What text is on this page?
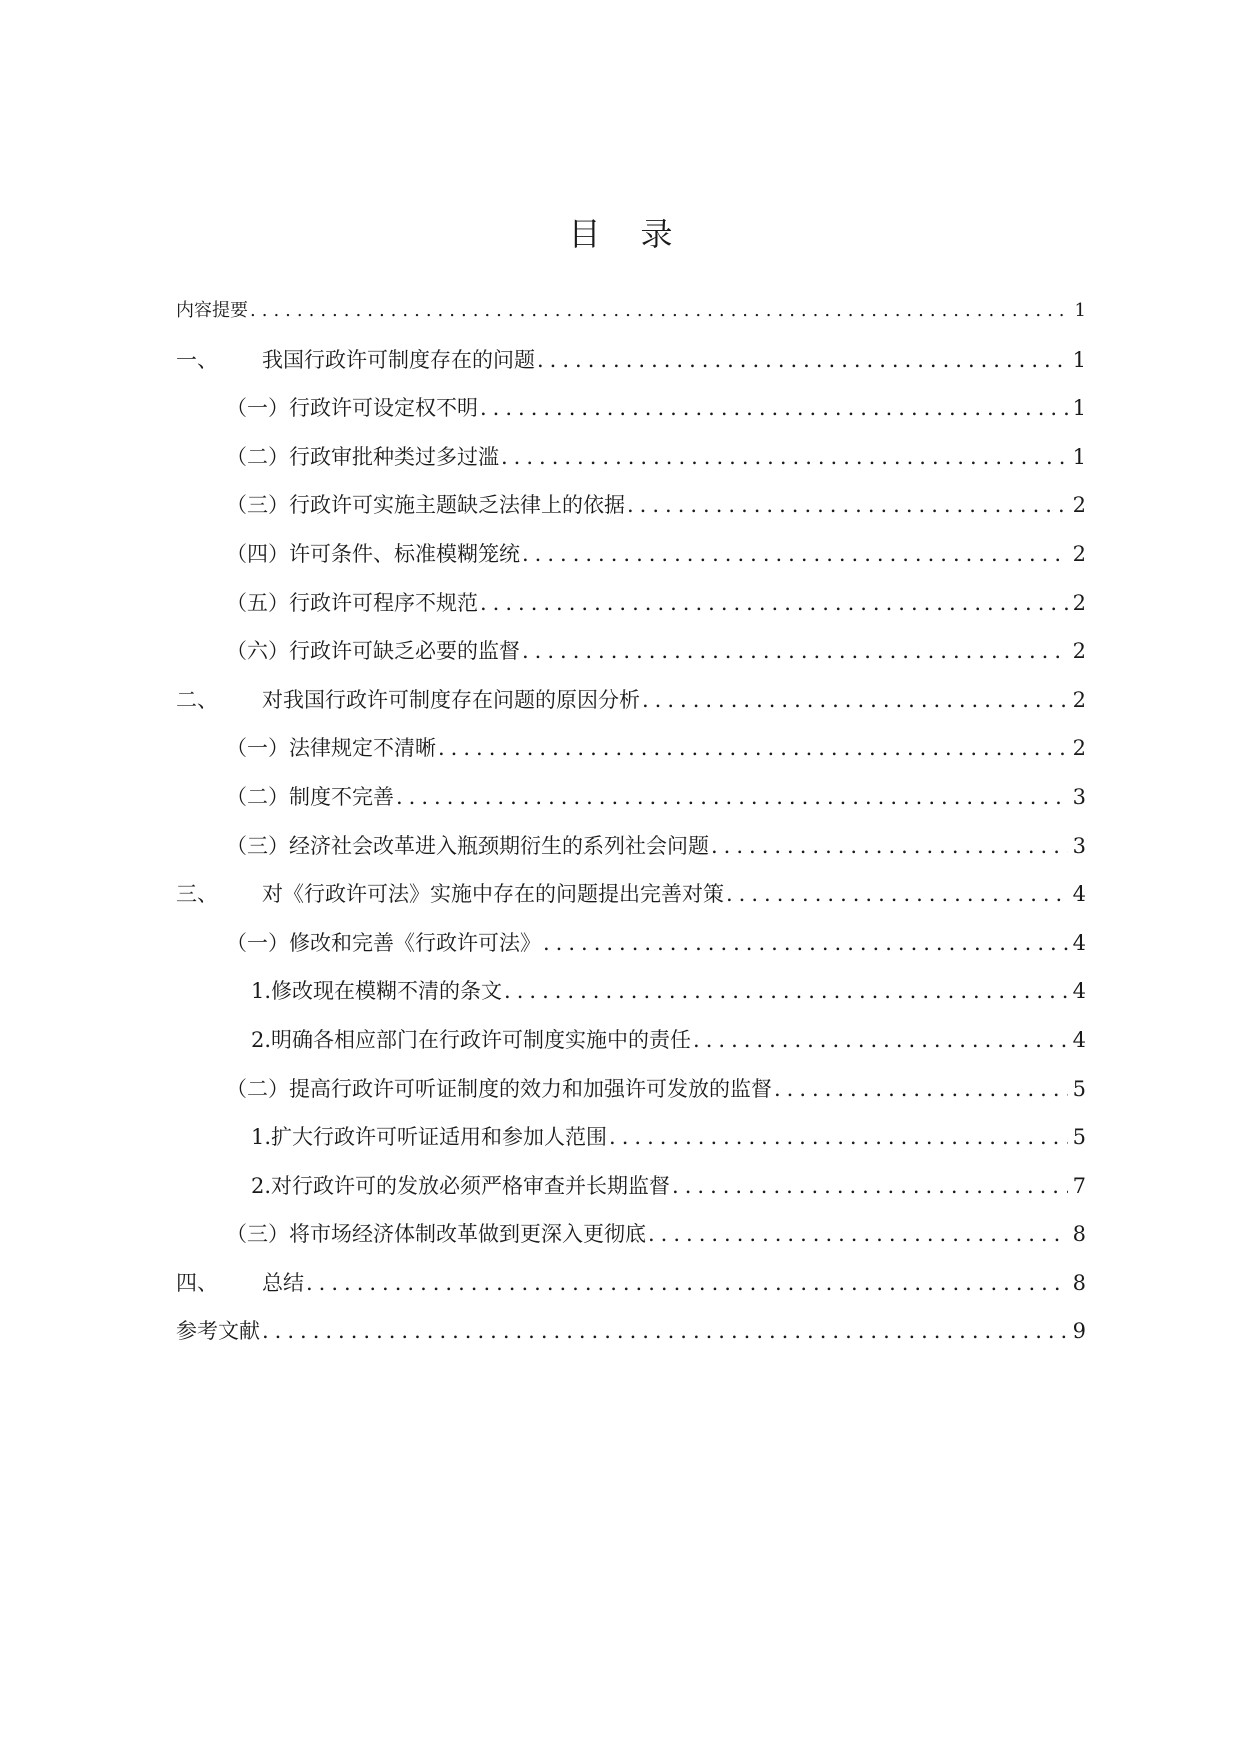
目录
内容提要 .....	1
一、	我国行政许可制度存在的问题 .....	1
（一）行政许可设定权不明 .....	1
（二）行政审批种类过多过滥 .....	1
（三）行政许可实施主题缺乏法律上的依据 .....	2
（四）许可条件、标准模糊笼统 .....	2
（五）行政许可程序不规范 .....	2
（六）行政许可缺乏必要的监督 .....	2
二、	对我国行政许可制度存在问题的原因分析 .....	2
（一）法律规定不清晰 .....	2
（二）制度不完善 .....	3
（三）经济社会改革进入瓶颈期衍生的系列社会问题 .....	3
三、	对《行政许可法》实施中存在的问题提出完善对策 .....	4
（一）修改和完善《行政许可法》 .....	4
1.修改现在模糊不清的条文 .....	4
2.明确各相应部门在行政许可制度实施中的责任 .....	4
（二）提高行政许可听证制度的效力和加强许可发放的监督 .....	5
1.扩大行政许可听证适用和参加人范围 .....	5
2.对行政许可的发放必须严格审查并长期监督 .....	7
（三）将市场经济体制改革做到更深入更彻底 .....	8
四、	总结 .....	8
参考文献 .....	9
